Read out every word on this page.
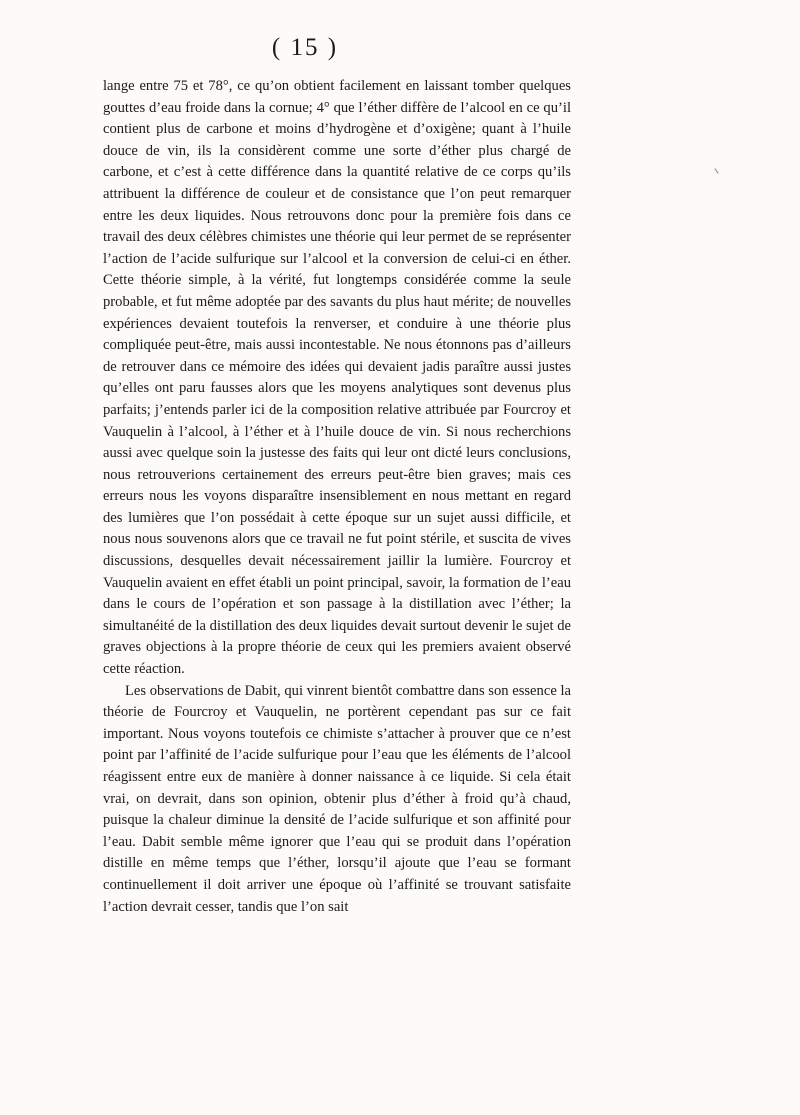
( 15 )

lange entre 75 et 78°, ce qu’on obtient facilement en laissant tomber quelques gouttes d’eau froide dans la cornue; 4° que l’éther diffère de l’alcool en ce qu’il contient plus de carbone et moins d’hydrogène et d’oxigène; quant à l’huile douce de vin, ils la considèrent comme une sorte d’éther plus chargé de carbone, et c’est à cette différence dans la quantité relative de ce corps qu’ils attribuent la différence de couleur et de consistance que l’on peut remarquer entre les deux liquides. Nous retrouvons donc pour la première fois dans ce travail des deux célèbres chimistes une théorie qui leur permet de se représenter l’action de l’acide sulfurique sur l’alcool et la conversion de celui-ci en éther. Cette théorie simple, à la vérité, fut longtemps considérée comme la seule probable, et fut même adoptée par des savants du plus haut mérite; de nouvelles expériences devaient toutefois la renverser, et conduire à une théorie plus compliquée peut-être, mais aussi incontestable. Ne nous étonnons pas d’ailleurs de retrouver dans ce mémoire des idées qui devaient jadis paraître aussi justes qu’elles ont paru fausses alors que les moyens analytiques sont devenus plus parfaits; j’entends parler ici de la composition relative attribuée par Fourcroy et Vauquelin à l’alcool, à l’éther et à l’huile douce de vin. Si nous recherchions aussi avec quelque soin la justesse des faits qui leur ont dicté leurs conclusions, nous retrouverions certainement des erreurs peut-être bien graves; mais ces erreurs nous les voyons disparaître insensiblement en nous mettant en regard des lumières que l’on possédait à cette époque sur un sujet aussi difficile, et nous nous souvenons alors que ce travail ne fut point stérile, et suscita de vives discussions, desquelles devait nécessairement jaillir la lumière. Fourcroy et Vauquelin avaient en effet établi un point principal, savoir, la formation de l’eau dans le cours de l’opération et son passage à la distillation avec l’éther; la simultanéité de la distillation des deux liquides devait surtout devenir le sujet de graves objections à la propre théorie de ceux qui les premiers avaient observé cette réaction.

Les observations de Dabit, qui vinrent bientôt combattre dans son essence la théorie de Fourcroy et Vauquelin, ne portèrent cependant pas sur ce fait important. Nous voyons toutefois ce chimiste s’attacher à prouver que ce n’est point par l’affinité de l’acide sulfurique pour l’eau que les éléments de l’alcool réagissent entre eux de manière à donner naissance à ce liquide. Si cela était vrai, on devrait, dans son opinion, obtenir plus d’éther à froid qu’à chaud, puisque la chaleur diminue la densité de l’acide sulfurique et son affinité pour l’eau. Dabit semble même ignorer que l’eau qui se produit dans l’opération distille en même temps que l’éther, lorsqu’il ajoute que l’eau se formant continuellement il doit arriver une époque où l’affinité se trouvant satisfaite l’action devrait cesser, tandis que l’on sait
